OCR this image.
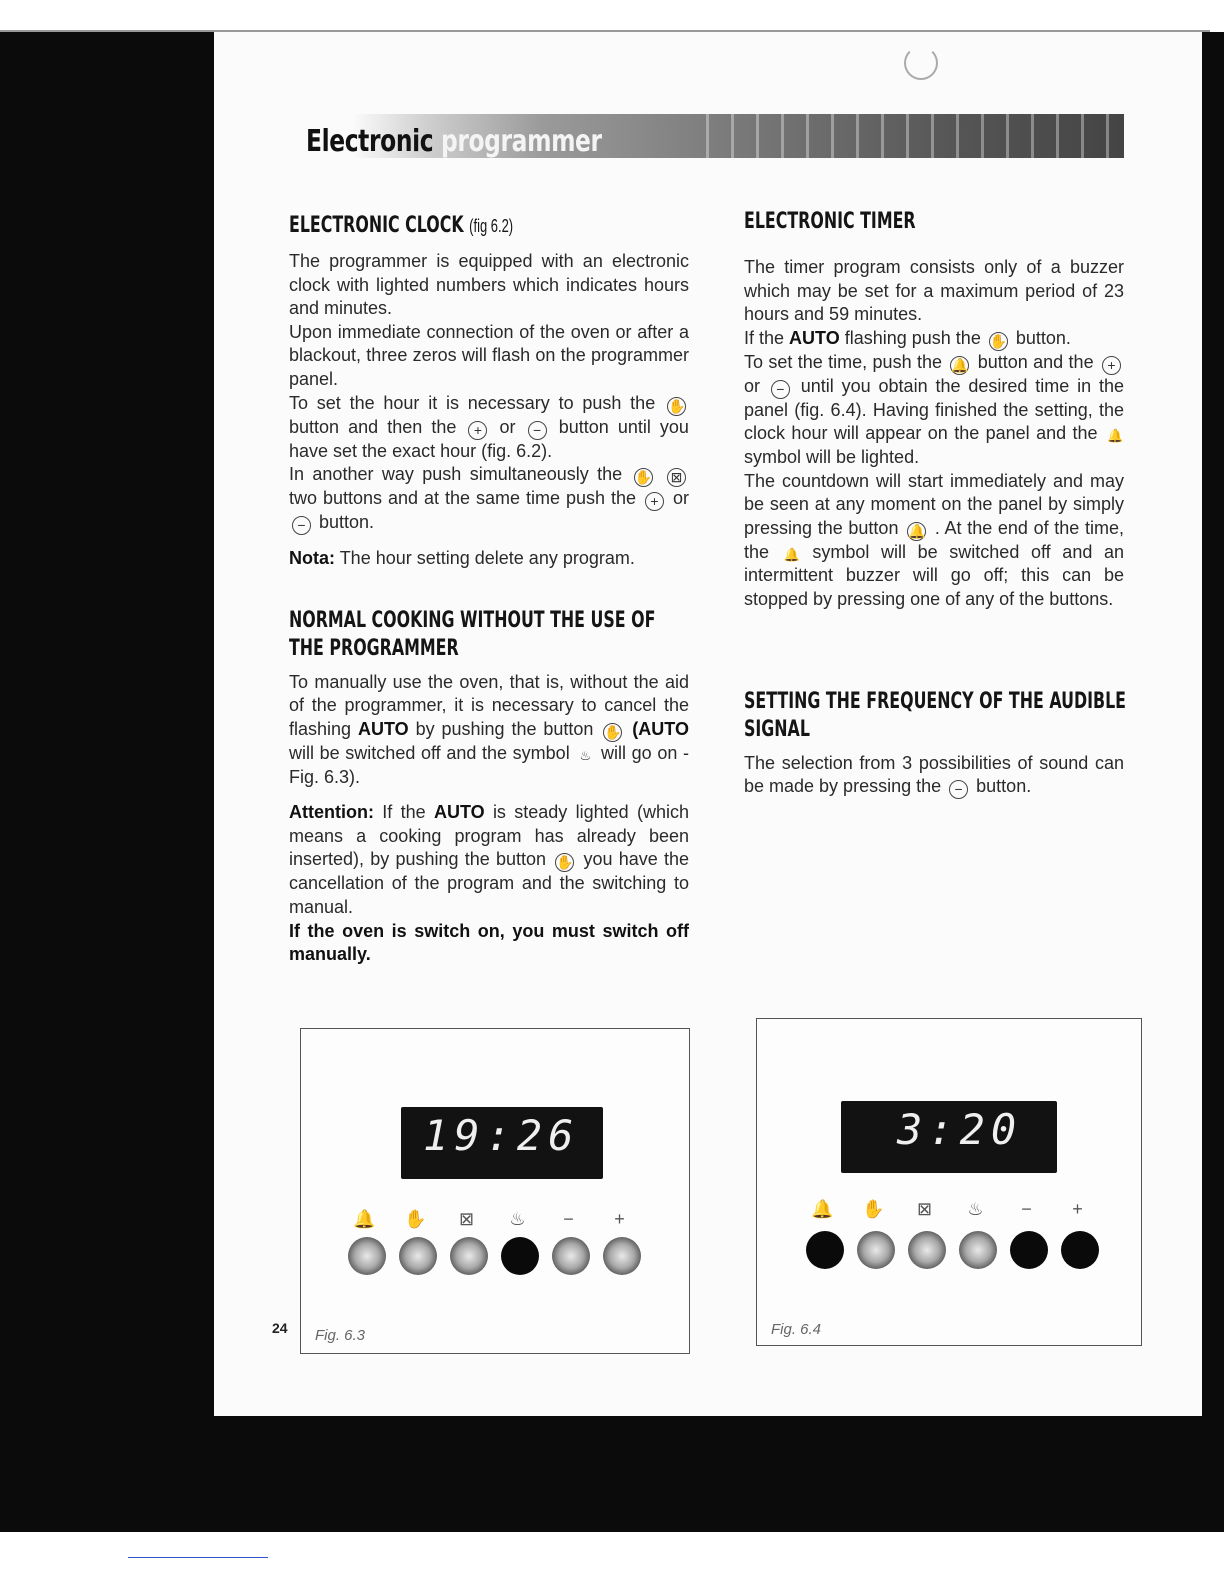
Electronic programmer
ELECTRONIC CLOCK (fig 6.2)

The programmer is equipped with an electronic clock with lighted numbers which indicates hours and minutes.

Upon immediate connection of the oven or after a blackout, three zeros will flash on the programmer panel.

To set the hour it is necessary to push the ✋ button and then the + or − button until you have set the exact hour (fig. 6.2).

In another way push simultaneously the ✋ ⊠ two buttons and at the same time push the + or − button.

Nota: The hour setting delete any program.

NORMAL COOKING WITHOUT THE USE OF
THE PROGRAMMER

To manually use the oven, that is, without the aid of the programmer, it is necessary to cancel the flashing AUTO by pushing the button ✋ (AUTO will be switched off and the symbol ♨ will go on - Fig. 6.3).

Attention: If the AUTO is steady lighted (which means a cooking program has already been inserted), by pushing the button ✋ you have the cancellation of the program and the switching to manual.

If the oven is switch on, you must switch off manually.

ELECTRONIC TIMER

The timer program consists only of a buzzer which may be set for a maximum period of 23 hours and 59 minutes.

If the AUTO flashing push the ✋ button.

To set the time, push the 🔔 button and the + or − until you obtain the desired time in the panel (fig. 6.4). Having finished the setting, the clock hour will appear on the panel and the 🔔 symbol will be lighted.

The countdown will start immediately and may be seen at any moment on the panel by simply pressing the button 🔔 . At the end of the time, the 🔔 symbol will be switched off and an intermittent buzzer will go off; this can be stopped by pressing one of any of the buttons.

SETTING THE FREQUENCY OF THE AUDIBLE
SIGNAL

The selection from 3 possibilities of sound can be made by pressing the − button.

19:26
🔔	✋	⊠	♨	−	+
Fig. 6.3
3:20
🔔	✋	⊠	♨	−	+
Fig. 6.4
24
